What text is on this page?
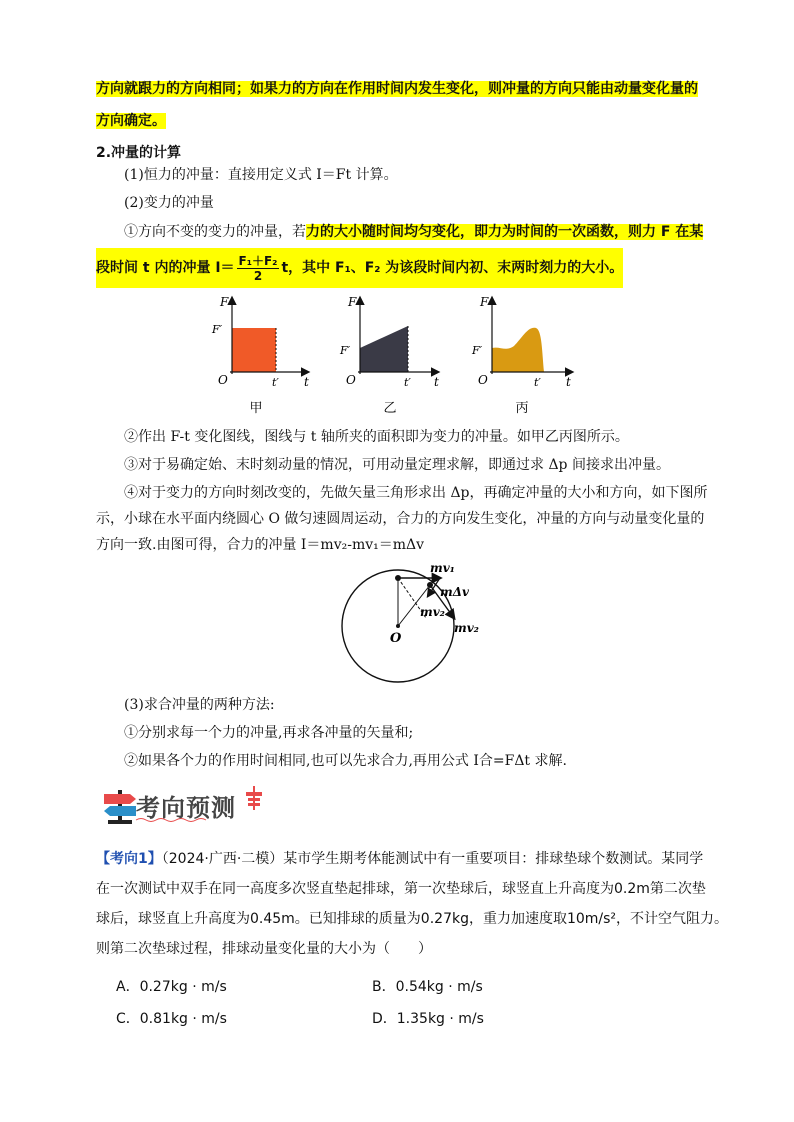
方向就跟力的方向相同；如果力的方向在作用时间内发生变化，则冲量的方向只能由动量变化量的
方向确定。
2.冲量的计算
(1)恒力的冲量：直接用定义式 I＝Ft 计算。
(2)变力的冲量
①方向不变的变力的冲量，若力的大小随时间均匀变化，即力为时间的一次函数，则力 F 在某
段时间 t 内的冲量 $I= \frac{\text{F₁＋F₂}}{2}$ t，其中 F₁、F₂ 为该段时间内初、末两时刻力的大小。
F
F′
O	t′ t
F
F′
O	t′ t
F
F′
O	t′ t
甲	乙	丙
②作出 F-t 变化图线，图线与 t 轴所夹的面积即为变力的冲量。如甲乙丙图所示。
③对于易确定始、末时刻动量的情况，可用动量定理求解，即通过求 Δp 间接求出冲量。
④对于变力的方向时刻改变的，先做矢量三角形求出 Δp，再确定冲量的大小和方向，如下图所
示，小球在水平面内绕圆心 O 做匀速圆周运动，合力的方向发生变化，冲量的方向与动量变化量的
方向一致.由图可得，合力的冲量 I＝mv₂-mv₁＝mΔv
mv₁
mΔv
mv₂
mv₂
O
(3)求合冲量的两种方法:
①分别求每一个力的冲量,再求各冲量的矢量和;
②如果各个力的作用时间相同,也可以先求合力,再用公式 I合=FΔt 求解.
考向预测
【考向1】（2024·广西·二模）某市学生期考体能测试中有一重要项目：排球垫球个数测试。某同学
在一次测试中双手在同一高度多次竖直垫起排球，第一次垫球后，球竖直上升高度为0.2m第二次垫
球后，球竖直上升高度为0.45m。已知排球的质量为0.27kg，重力加速度取10m/s²，不计空气阻力。
则第二次垫球过程，排球动量变化量的大小为（　　）
A．0.27kg · m/s	B．0.54kg · m/s
C．0.81kg · m/s	D．1.35kg · m/s
